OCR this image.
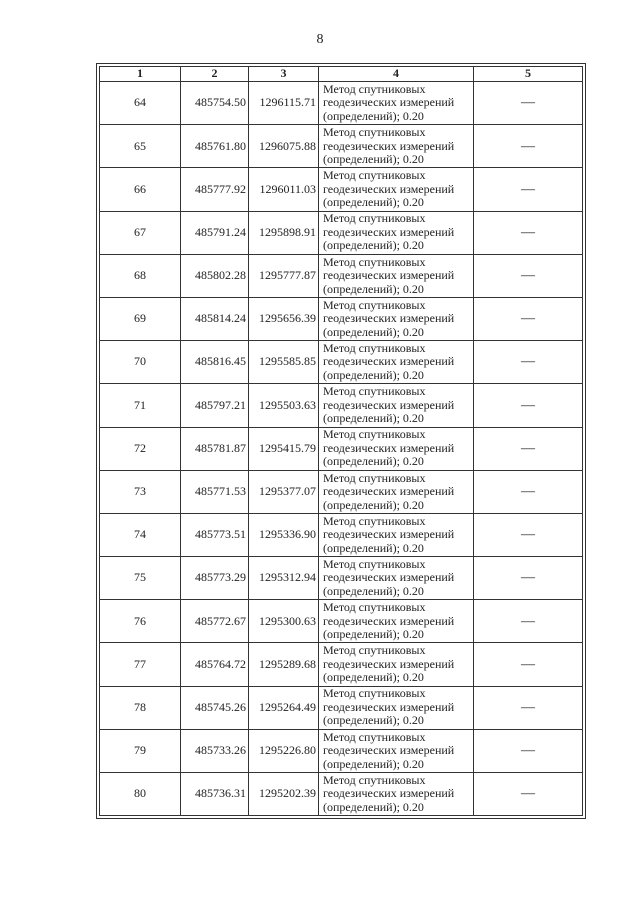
8
1	2	3	4	5
64	485754.50	1296115.71	Метод спутниковых
геодезических измерений
(определений); 0.20	—
65	485761.80	1296075.88	Метод спутниковых
геодезических измерений
(определений); 0.20	—
66	485777.92	1296011.03	Метод спутниковых
геодезических измерений
(определений); 0.20	—
67	485791.24	1295898.91	Метод спутниковых
геодезических измерений
(определений); 0.20	—
68	485802.28	1295777.87	Метод спутниковых
геодезических измерений
(определений); 0.20	—
69	485814.24	1295656.39	Метод спутниковых
геодезических измерений
(определений); 0.20	—
70	485816.45	1295585.85	Метод спутниковых
геодезических измерений
(определений); 0.20	—
71	485797.21	1295503.63	Метод спутниковых
геодезических измерений
(определений); 0.20	—
72	485781.87	1295415.79	Метод спутниковых
геодезических измерений
(определений); 0.20	—
73	485771.53	1295377.07	Метод спутниковых
геодезических измерений
(определений); 0.20	—
74	485773.51	1295336.90	Метод спутниковых
геодезических измерений
(определений); 0.20	—
75	485773.29	1295312.94	Метод спутниковых
геодезических измерений
(определений); 0.20	—
76	485772.67	1295300.63	Метод спутниковых
геодезических измерений
(определений); 0.20	—
77	485764.72	1295289.68	Метод спутниковых
геодезических измерений
(определений); 0.20	—
78	485745.26	1295264.49	Метод спутниковых
геодезических измерений
(определений); 0.20	—
79	485733.26	1295226.80	Метод спутниковых
геодезических измерений
(определений); 0.20	—
80	485736.31	1295202.39	Метод спутниковых
геодезических измерений
(определений); 0.20	—
